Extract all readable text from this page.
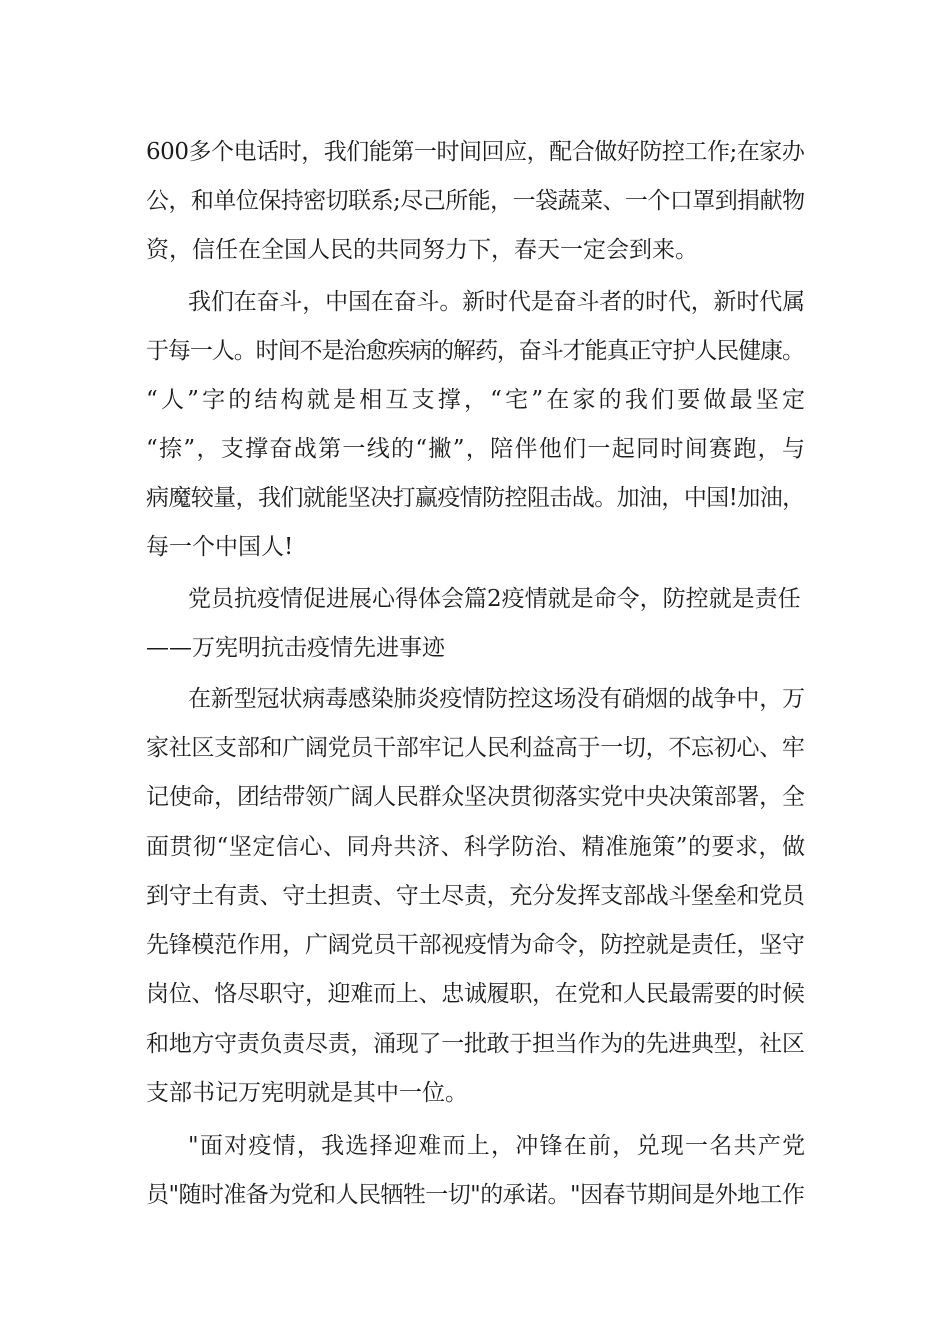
600多个电话时，我们能第一时间回应，配合做好防控工作;在家办
公，和单位保持密切联系;尽己所能，一袋蔬菜、一个口罩到捐献物
资，信任在全国人民的共同努力下，春天一定会到来。
我们在奋斗，中国在奋斗。新时代是奋斗者的时代，新时代属
于每一人。时间不是治愈疾病的解药，奋斗才能真正守护人民健康。
“人”字的结构就是相互支撑，“宅”在家的我们要做最坚定
“捺”，支撑奋战第一线的“撇”，陪伴他们一起同时间赛跑，与
病魔较量，我们就能坚决打赢疫情防控阻击战。加油，中国!加油，
每一个中国人!
党员抗疫情促进展心得体会篇2疫情就是命令，防控就是责任
——万宪明抗击疫情先进事迹
在新型冠状病毒感染肺炎疫情防控这场没有硝烟的战争中，万
家社区支部和广阔党员干部牢记人民利益高于一切，不忘初心、牢
记使命，团结带领广阔人民群众坚决贯彻落实党中央决策部署，全
面贯彻“坚定信心、同舟共济、科学防治、精准施策”的要求，做
到守土有责、守土担责、守土尽责，充分发挥支部战斗堡垒和党员
先锋模范作用，广阔党员干部视疫情为命令，防控就是责任，坚守
岗位、恪尽职守，迎难而上、忠诚履职，在党和人民最需要的时候
和地方守责负责尽责，涌现了一批敢于担当作为的先进典型，社区
支部书记万宪明就是其中一位。
"面对疫情，我选择迎难而上，冲锋在前，兑现一名共产党
员"随时准备为党和人民牺牲一切"的承诺。"因春节期间是外地工作
